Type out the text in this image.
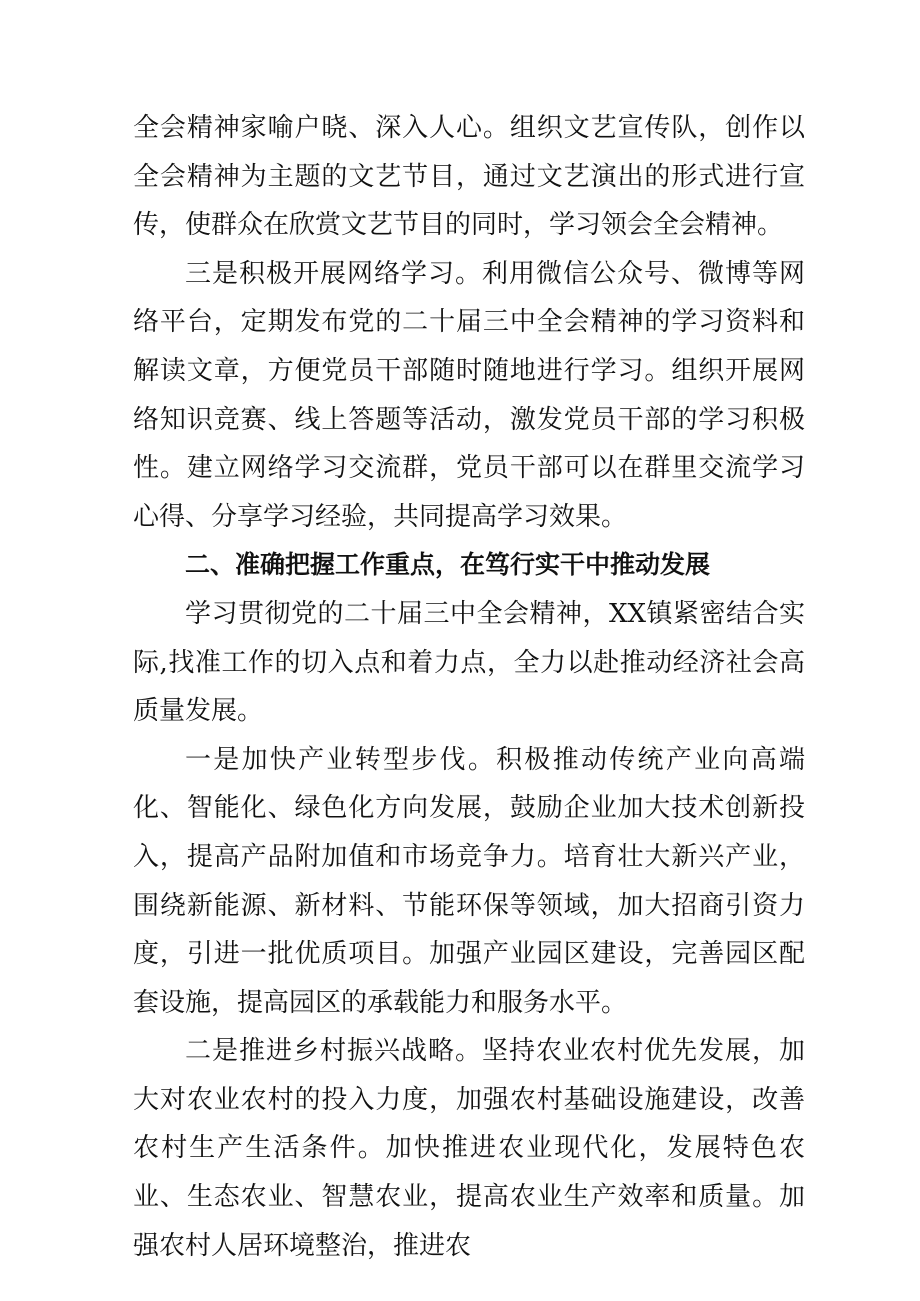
全会精神家喻户晓、深入人心。组织文艺宣传队，创作以全会精神为主题的文艺节目，通过文艺演出的形式进行宣传，使群众在欣赏文艺节目的同时，学习领会全会精神。

三是积极开展网络学习。利用微信公众号、微博等网络平台，定期发布党的二十届三中全会精神的学习资料和解读文章，方便党员干部随时随地进行学习。组织开展网络知识竞赛、线上答题等活动，激发党员干部的学习积极性。建立网络学习交流群，党员干部可以在群里交流学习心得、分享学习经验，共同提高学习效果。

二、准确把握工作重点，在笃行实干中推动发展

学习贯彻党的二十届三中全会精神，XX镇紧密结合实际,找准工作的切入点和着力点，全力以赴推动经济社会高质量发展。

一是加快产业转型步伐。积极推动传统产业向高端化、智能化、绿色化方向发展，鼓励企业加大技术创新投入，提高产品附加值和市场竞争力。培育壮大新兴产业，围绕新能源、新材料、节能环保等领域，加大招商引资力度，引进一批优质项目。加强产业园区建设，完善园区配套设施，提高园区的承载能力和服务水平。

二是推进乡村振兴战略。坚持农业农村优先发展，加大对农业农村的投入力度，加强农村基础设施建设，改善农村生产生活条件。加快推进农业现代化，发展特色农业、生态农业、智慧农业，提高农业生产效率和质量。加强农村人居环境整治，推进农
